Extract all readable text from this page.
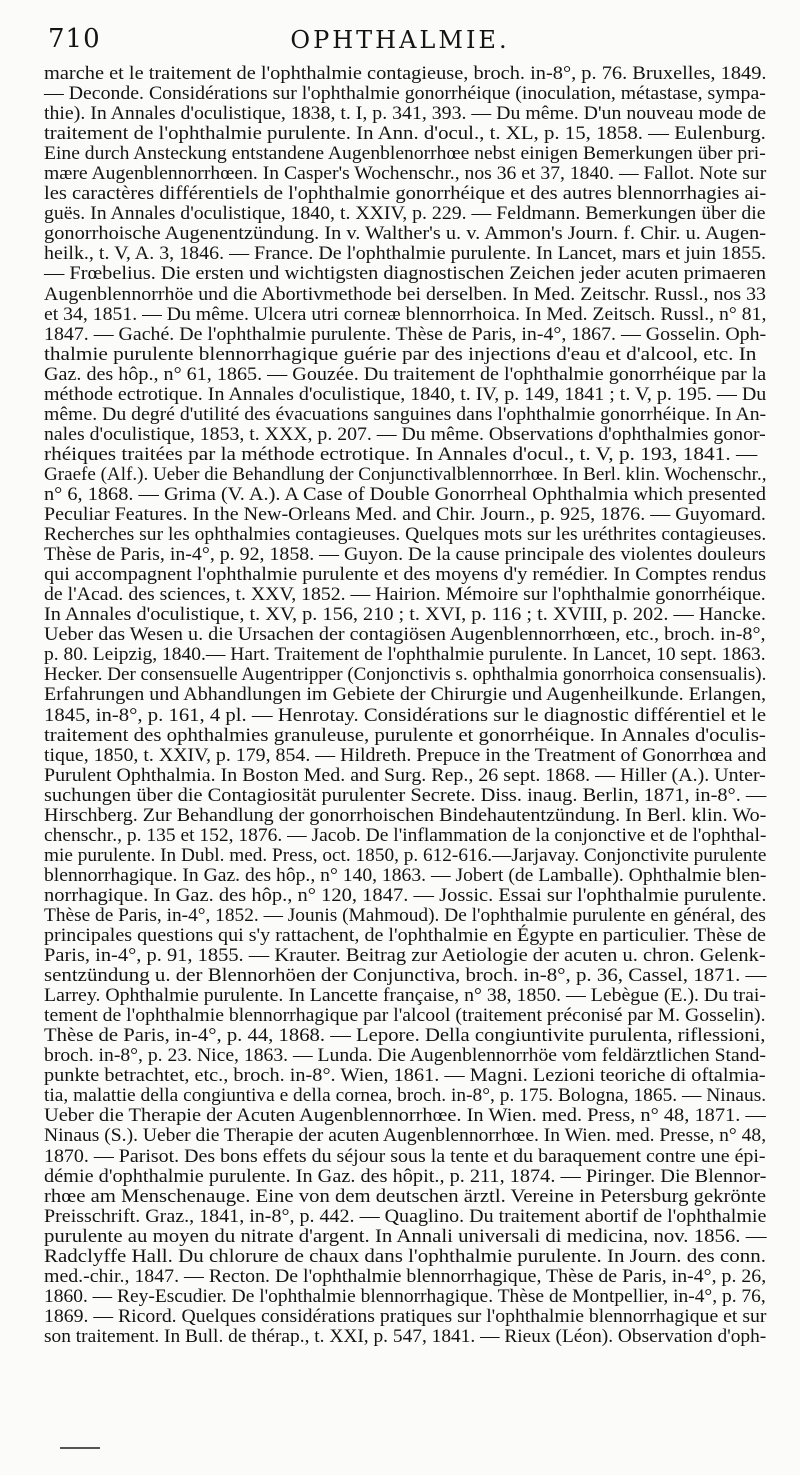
710	OPHTHALMIE.
marche et le traitement de l'ophthalmie contagieuse, broch. in-8°, p. 76. Bruxelles, 1849.
— Deconde. Considérations sur l'ophthalmie gonorrhéique (inoculation, métastase, sympa-
thie). In Annales d'oculistique, 1838, t. I, p. 341, 393. — Du même. D'un nouveau mode de
traitement de l'ophthalmie purulente. In Ann. d'ocul., t. XL, p. 15, 1858. — Eulenburg.
Eine durch Ansteckung entstandene Augenblenorrhœe nebst einigen Bemerkungen über pri-
mære Augenblennorrhœen. In Casper's Wochenschr., nos 36 et 37, 1840. — Fallot. Note sur
les caractères différentiels de l'ophthalmie gonorrhéique et des autres blennorrhagies ai-
guës. In Annales d'oculistique, 1840, t. XXIV, p. 229. — Feldmann. Bemerkungen über die
gonorrhoische Augenentzündung. In v. Walther's u. v. Ammon's Journ. f. Chir. u. Augen-
heilk., t. V, A. 3, 1846. — France. De l'ophthalmie purulente. In Lancet, mars et juin 1855.
— Frœbelius. Die ersten und wichtigsten diagnostischen Zeichen jeder acuten primaeren
Augenblennorrhöe und die Abortivmethode bei derselben. In Med. Zeitschr. Russl., nos 33
et 34, 1851. — Du même. Ulcera utri corneæ blennorrhoica. In Med. Zeitsch. Russl., n° 81,
1847. — Gaché. De l'ophthalmie purulente. Thèse de Paris, in-4°, 1867. — Gosselin. Oph-
thalmie purulente blennorrhagique guérie par des injections d'eau et d'alcool, etc. In
Gaz. des hôp., n° 61, 1865. — Gouzée. Du traitement de l'ophthalmie gonorrhéique par la
méthode ectrotique. In Annales d'oculistique, 1840, t. IV, p. 149, 1841 ; t. V, p. 195. — Du
même. Du degré d'utilité des évacuations sanguines dans l'ophthalmie gonorrhéique. In An-
nales d'oculistique, 1853, t. XXX, p. 207. — Du même. Observations d'ophthalmies gonor-
rhéiques traitées par la méthode ectrotique. In Annales d'ocul., t. V, p. 193, 1841. —
Graefe (Alf.). Ueber die Behandlung der Conjunctivalblennorrhœe. In Berl. klin. Wochenschr.,
n° 6, 1868. — Grima (V. A.). A Case of Double Gonorrheal Ophthalmia which presented
Peculiar Features. In the New-Orleans Med. and Chir. Journ., p. 925, 1876. — Guyomard.
Recherches sur les ophthalmies contagieuses. Quelques mots sur les uréthrites contagieuses.
Thèse de Paris, in-4°, p. 92, 1858. — Guyon. De la cause principale des violentes douleurs
qui accompagnent l'ophthalmie purulente et des moyens d'y remédier. In Comptes rendus
de l'Acad. des sciences, t. XXV, 1852. — Hairion. Mémoire sur l'ophthalmie gonorrhéique.
In Annales d'oculistique, t. XV, p. 156, 210 ; t. XVI, p. 116 ; t. XVIII, p. 202. — Hancke.
Ueber das Wesen u. die Ursachen der contagiösen Augenblennorrhœen, etc., broch. in-8°,
p. 80. Leipzig, 1840.— Hart. Traitement de l'ophthalmie purulente. In Lancet, 10 sept. 1863.
Hecker. Der consensuelle Augentripper (Conjonctivis s. ophthalmia gonorrhoica consensualis).
Erfahrungen und Abhandlungen im Gebiete der Chirurgie und Augenheilkunde. Erlangen,
1845, in-8°, p. 161, 4 pl. — Henrotay. Considérations sur le diagnostic différentiel et le
traitement des ophthalmies granuleuse, purulente et gonorrhéique. In Annales d'oculis-
tique, 1850, t. XXIV, p. 179, 854. — Hildreth. Prepuce in the Treatment of Gonorrhœa and
Purulent Ophthalmia. In Boston Med. and Surg. Rep., 26 sept. 1868. — Hiller (A.). Unter-
suchungen über die Contagiosität purulenter Secrete. Diss. inaug. Berlin, 1871, in-8°. —
Hirschberg. Zur Behandlung der gonorrhoischen Bindehautentzündung. In Berl. klin. Wo-
chenschr., p. 135 et 152, 1876. — Jacob. De l'inflammation de la conjonctive et de l'ophthal-
mie purulente. In Dubl. med. Press, oct. 1850, p. 612-616.—Jarjavay. Conjonctivite purulente
blennorrhagique. In Gaz. des hôp., n° 140, 1863. — Jobert (de Lamballe). Ophthalmie blen-
norrhagique. In Gaz. des hôp., n° 120, 1847. — Jossic. Essai sur l'ophthalmie purulente.
Thèse de Paris, in-4°, 1852. — Jounis (Mahmoud). De l'ophthalmie purulente en général, des
principales questions qui s'y rattachent, de l'ophthalmie en Égypte en particulier. Thèse de
Paris, in-4°, p. 91, 1855. — Krauter. Beitrag zur Aetiologie der acuten u. chron. Gelenk-
sentzündung u. der Blennorhöen der Conjunctiva, broch. in-8°, p. 36, Cassel, 1871. —
Larrey. Ophthalmie purulente. In Lancette française, n° 38, 1850. — Lebègue (E.). Du trai-
tement de l'ophthalmie blennorrhagique par l'alcool (traitement préconisé par M. Gosselin).
Thèse de Paris, in-4°, p. 44, 1868. — Lepore. Della congiuntivite purulenta, riflessioni,
broch. in-8°, p. 23. Nice, 1863. — Lunda. Die Augenblennorrhöe vom feldärztlichen Stand-
punkte betrachtet, etc., broch. in-8°. Wien, 1861. — Magni. Lezioni teoriche di oftalmia-
tia, malattie della congiuntiva e della cornea, broch. in-8°, p. 175. Bologna, 1865. — Ninaus.
Ueber die Therapie der Acuten Augenblennorrhœe. In Wien. med. Press, n° 48, 1871. —
Ninaus (S.). Ueber die Therapie der acuten Augenblennorrhœe. In Wien. med. Presse, n° 48,
1870. — Parisot. Des bons effets du séjour sous la tente et du baraquement contre une épi-
démie d'ophthalmie purulente. In Gaz. des hôpit., p. 211, 1874. — Piringer. Die Blennor-
rhœe am Menschenauge. Eine von dem deutschen ärztl. Vereine in Petersburg gekrönte
Preisschrift. Graz., 1841, in-8°, p. 442. — Quaglino. Du traitement abortif de l'ophthalmie
purulente au moyen du nitrate d'argent. In Annali universali di medicina, nov. 1856. —
Radclyffe Hall. Du chlorure de chaux dans l'ophthalmie purulente. In Journ. des conn.
med.-chir., 1847. — Recton. De l'ophthalmie blennorrhagique, Thèse de Paris, in-4°, p. 26,
1860. — Rey-Escudier. De l'ophthalmie blennorrhagique. Thèse de Montpellier, in-4°, p. 76,
1869. — Ricord. Quelques considérations pratiques sur l'ophthalmie blennorrhagique et sur
son traitement. In Bull. de thérap., t. XXI, p. 547, 1841. — Rieux (Léon). Observation d'oph-
